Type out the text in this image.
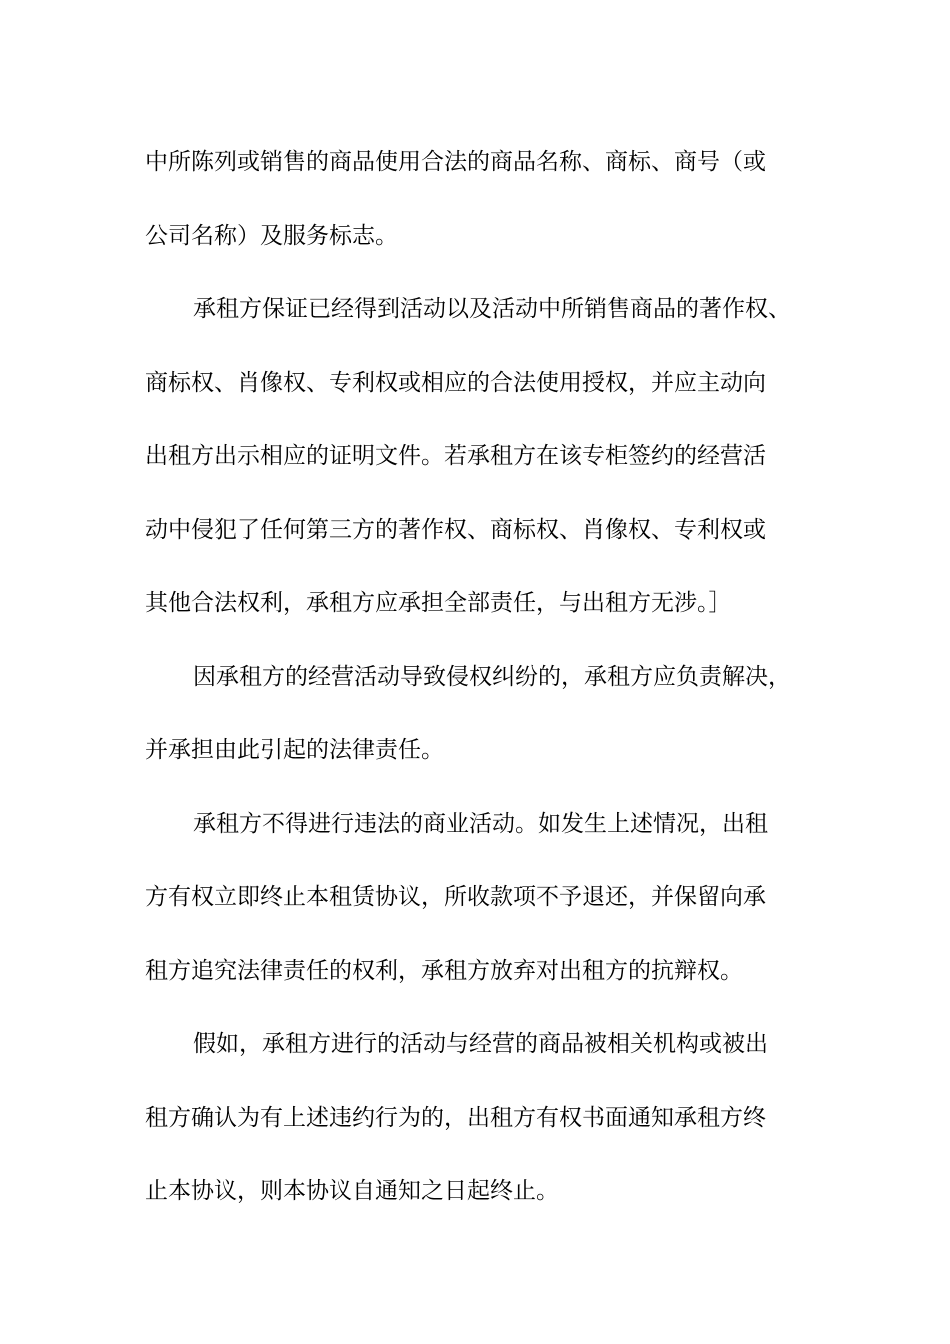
中所陈列或销售的商品使用合法的商品名称、商标、商号（或
公司名称）及服务标志。
承租方保证已经得到活动以及活动中所销售商品的著作权、
商标权、肖像权、专利权或相应的合法使用授权，并应主动向
出租方出示相应的证明文件。若承租方在该专柜签约的经营活
动中侵犯了任何第三方的著作权、商标权、肖像权、专利权或
其他合法权利，承租方应承担全部责任，与出租方无涉。］
因承租方的经营活动导致侵权纠纷的，承租方应负责解决，
并承担由此引起的法律责任。
承租方不得进行违法的商业活动。如发生上述情况，出租
方有权立即终止本租赁协议，所收款项不予退还，并保留向承
租方追究法律责任的权利，承租方放弃对出租方的抗辩权。
假如，承租方进行的活动与经营的商品被相关机构或被出
租方确认为有上述违约行为的，出租方有权书面通知承租方终
止本协议，则本协议自通知之日起终止。
